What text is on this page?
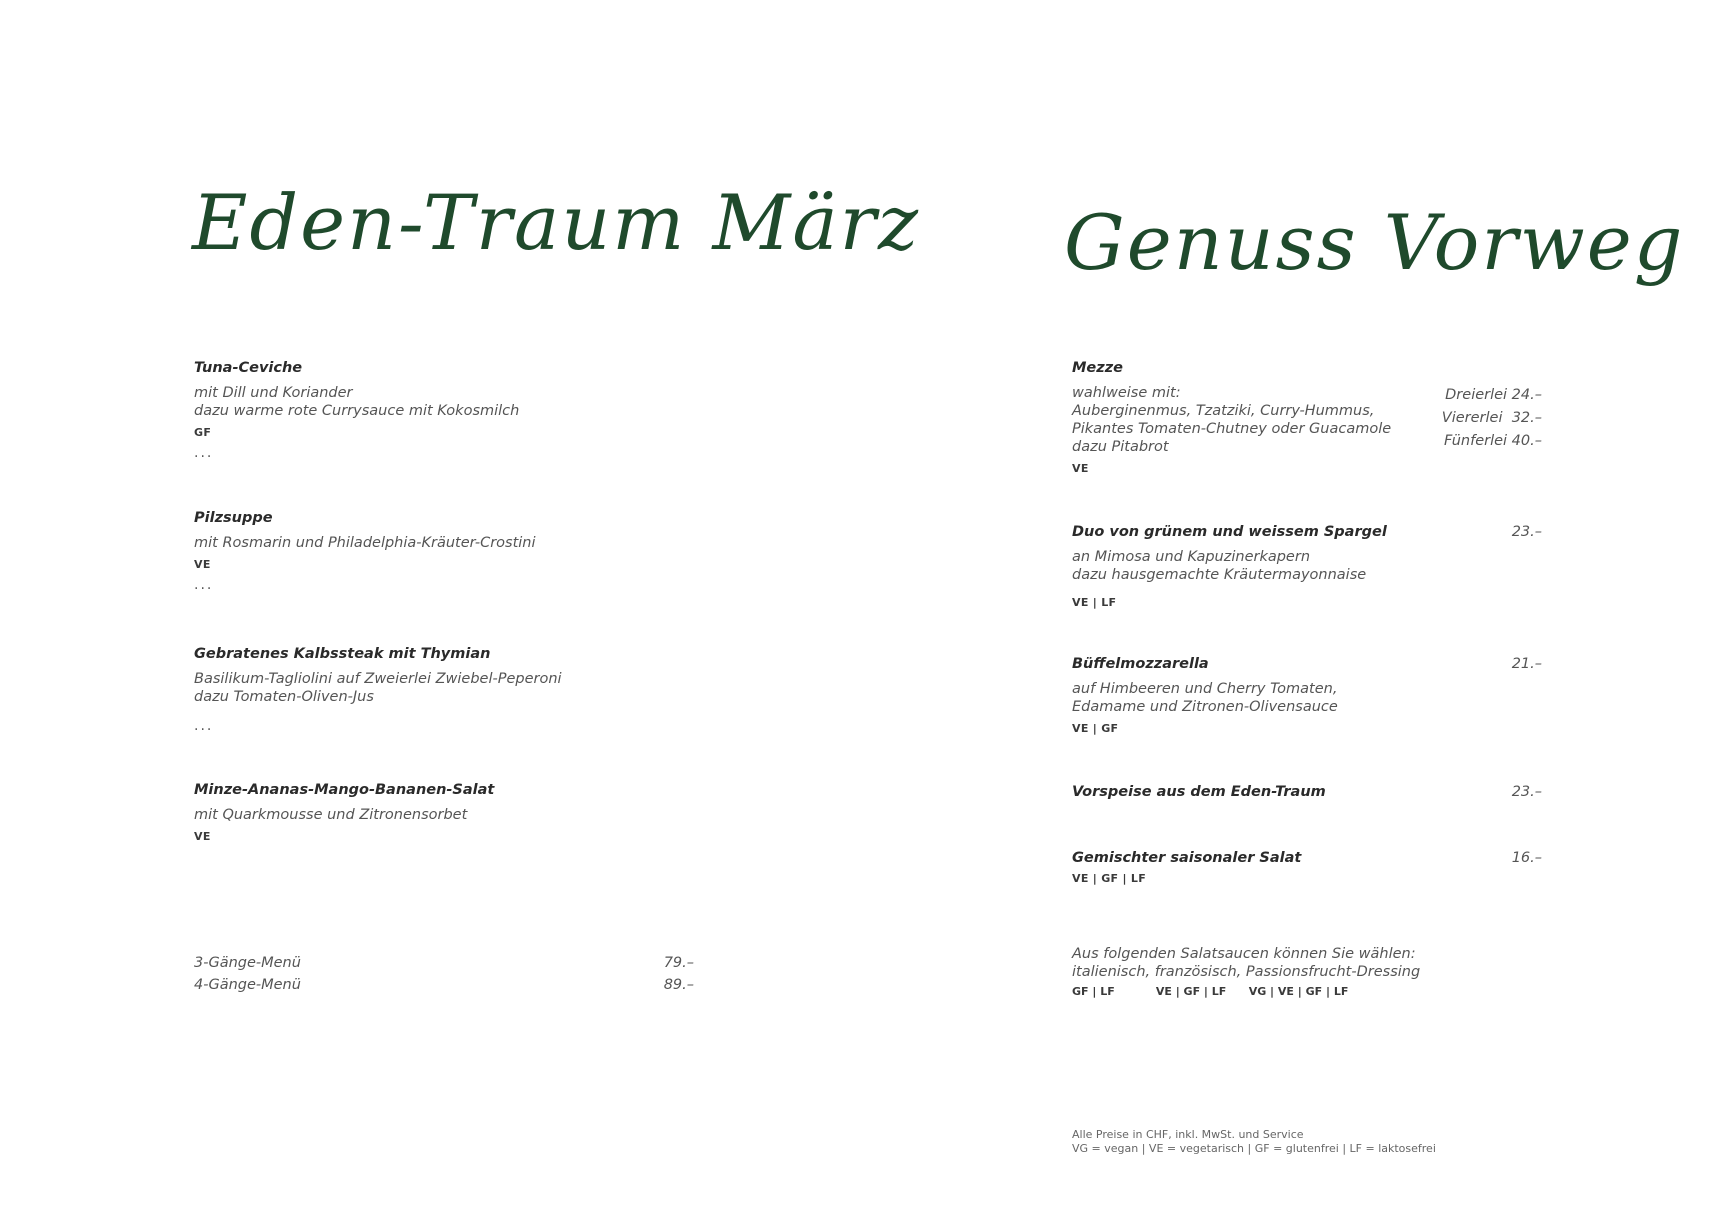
Eden-Traum März
Tuna-Ceviche
mit Dill und Koriander
dazu warme rote Currysauce mit Kokosmilch
GF
...
Pilzsuppe
mit Rosmarin und Philadelphia-Kräuter-Crostini
VE
...
Gebratenes Kalbssteak mit Thymian
Basilikum-Tagliolini auf Zweierlei Zwiebel-Peperoni
dazu Tomaten-Oliven-Jus
...
Minze-Ananas-Mango-Bananen-Salat
mit Quarkmousse und Zitronensorbet
VE
3-Gänge-Menü	79.–
4-Gänge-Menü	89.–
Genuss Vorweg
Mezze
wahlweise mit:
Auberginenmus, Tzatziki, Curry-Hummus,
Pikantes Tomaten-Chutney oder Guacamole
dazu Pitabrot
VE
Dreierlei 24.–
Viererlei  32.–
Fünferlei 40.–
Duo von grünem und weissem Spargel	23.–
an Mimosa und Kapuzinerkapern
dazu hausgemachte Kräutermayonnaise
VE | LF
Büffelmozzarella	21.–
auf Himbeeren und Cherry Tomaten,
Edamame und Zitronen-Olivensauce
VE | GF
Vorspeise aus dem Eden-Traum	23.–
Gemischter saisonaler Salat	16.–
VE | GF | LF
Aus folgenden Salatsaucen können Sie wählen:
italienisch, französisch, Passionsfrucht-Dressing
GF | LF	VE | GF | LF VG | VE | GF | LF
Alle Preise in CHF, inkl. MwSt. und Service
VG = vegan | VE = vegetarisch | GF = glutenfrei | LF = laktosefrei
